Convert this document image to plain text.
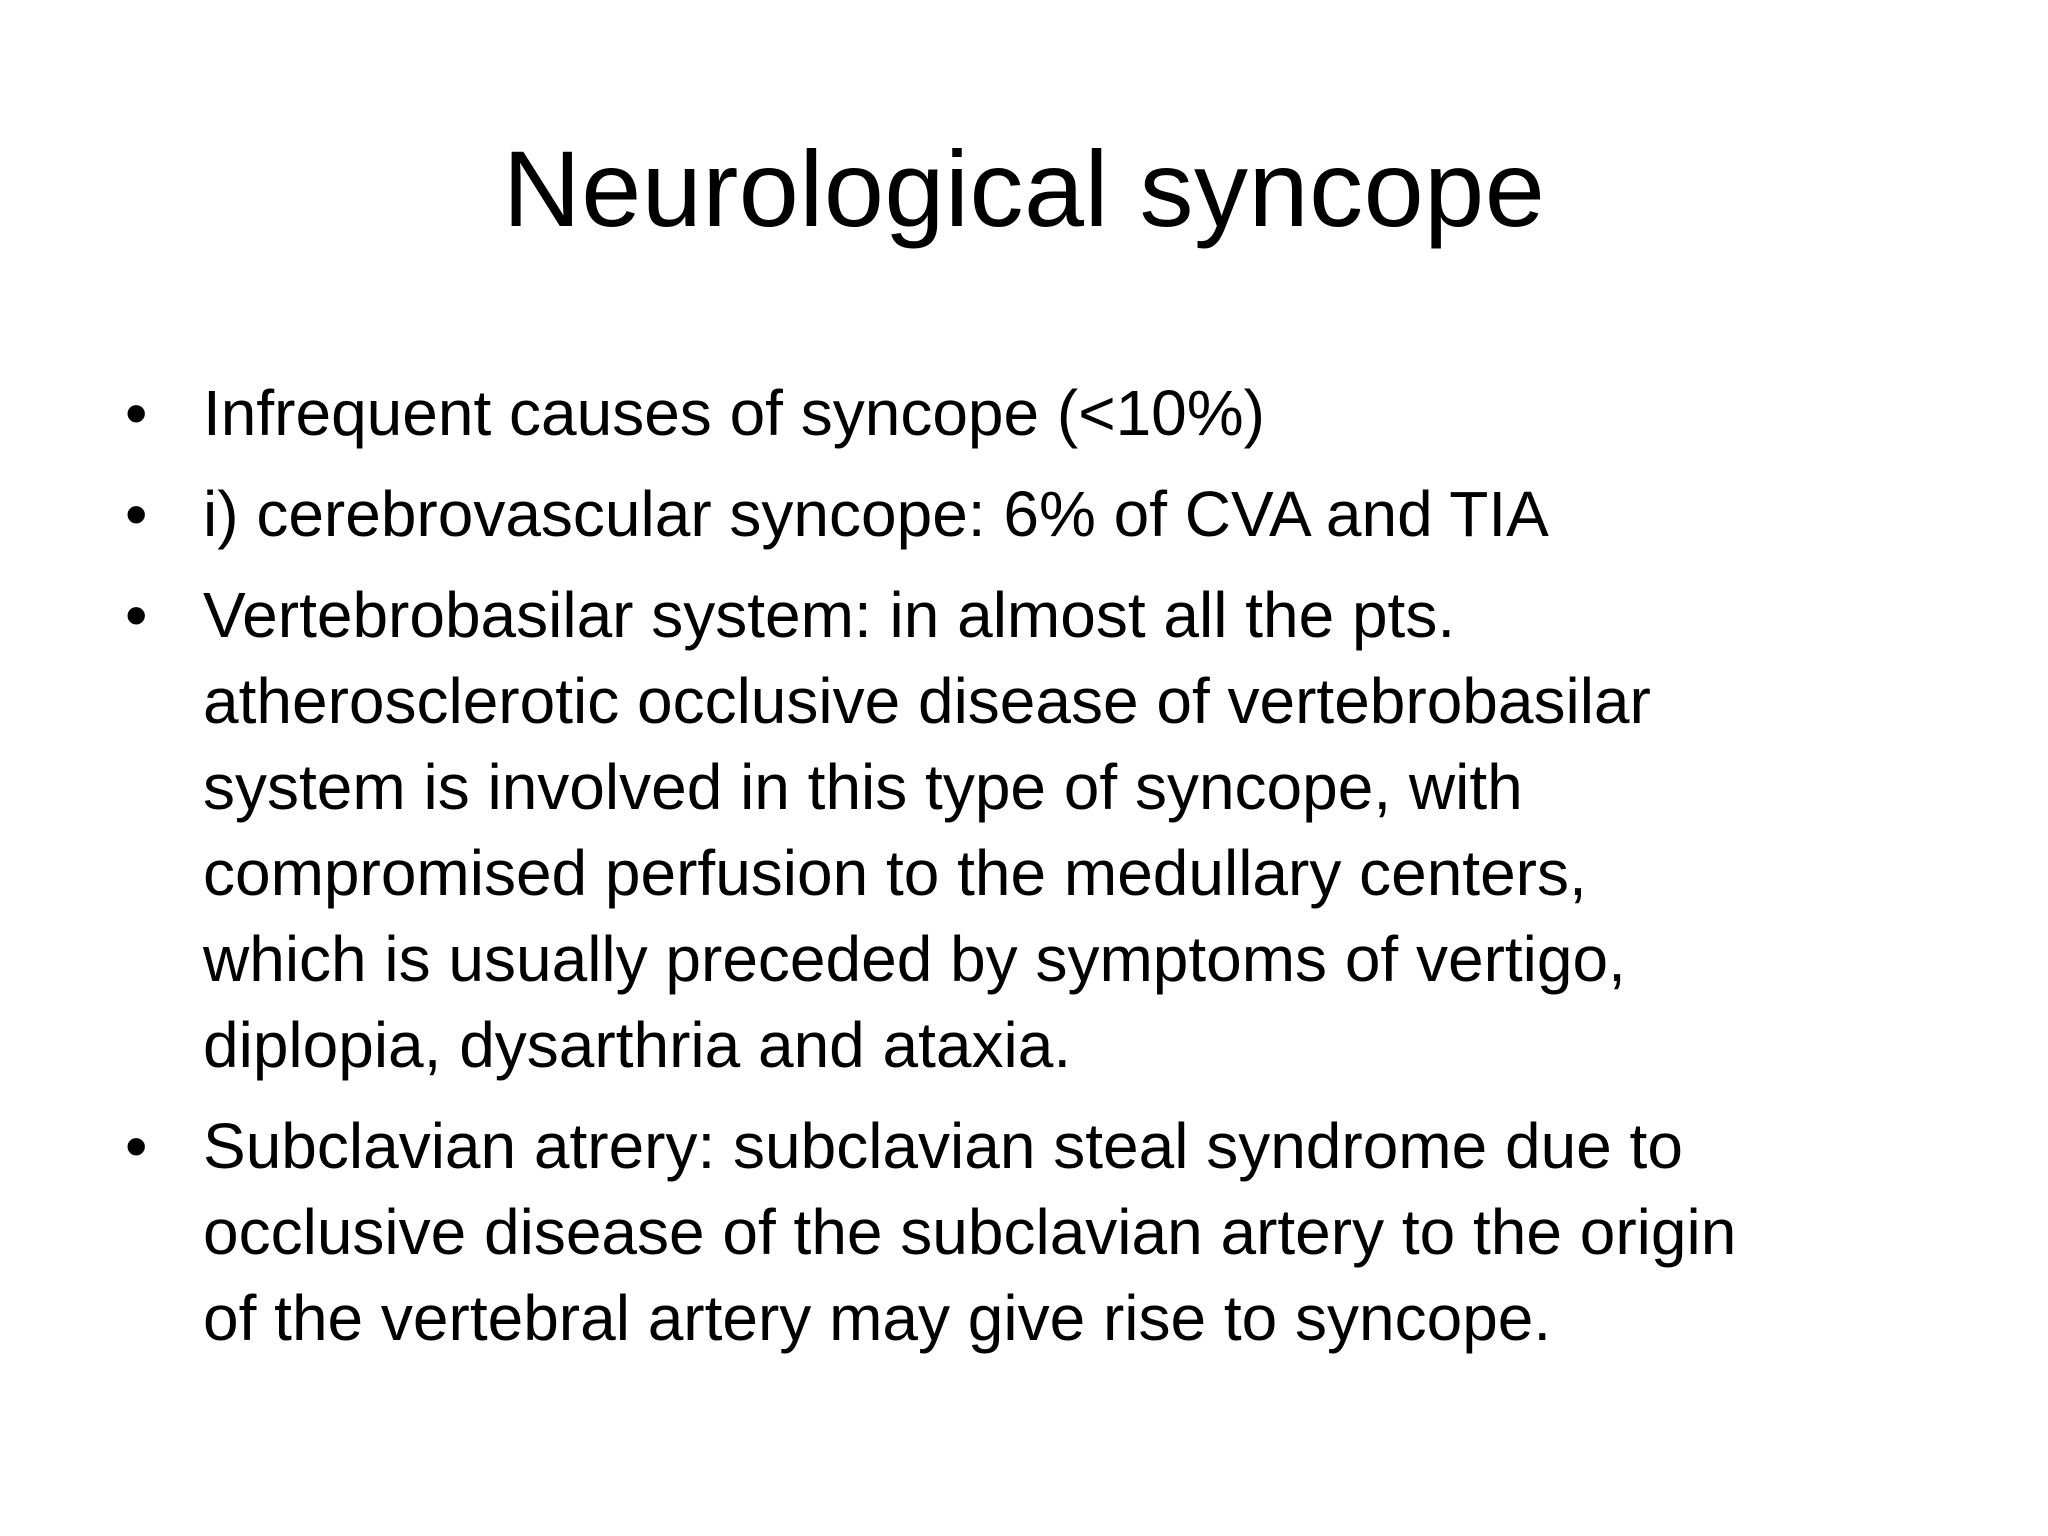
Neurological syncope
• Infrequent causes of syncope (<10%)
• i) cerebrovascular syncope: 6% of CVA and TIA
• Vertebrobasilar system: in almost all the pts.
atherosclerotic occlusive disease of vertebrobasilar
system is involved in this type of syncope, with
compromised perfusion to the medullary centers,
which is usually preceded by symptoms of vertigo,
diplopia, dysarthria and ataxia.
• Subclavian atrery: subclavian steal syndrome due to
occlusive disease of the subclavian artery to the origin
of the vertebral artery may give rise to syncope.
